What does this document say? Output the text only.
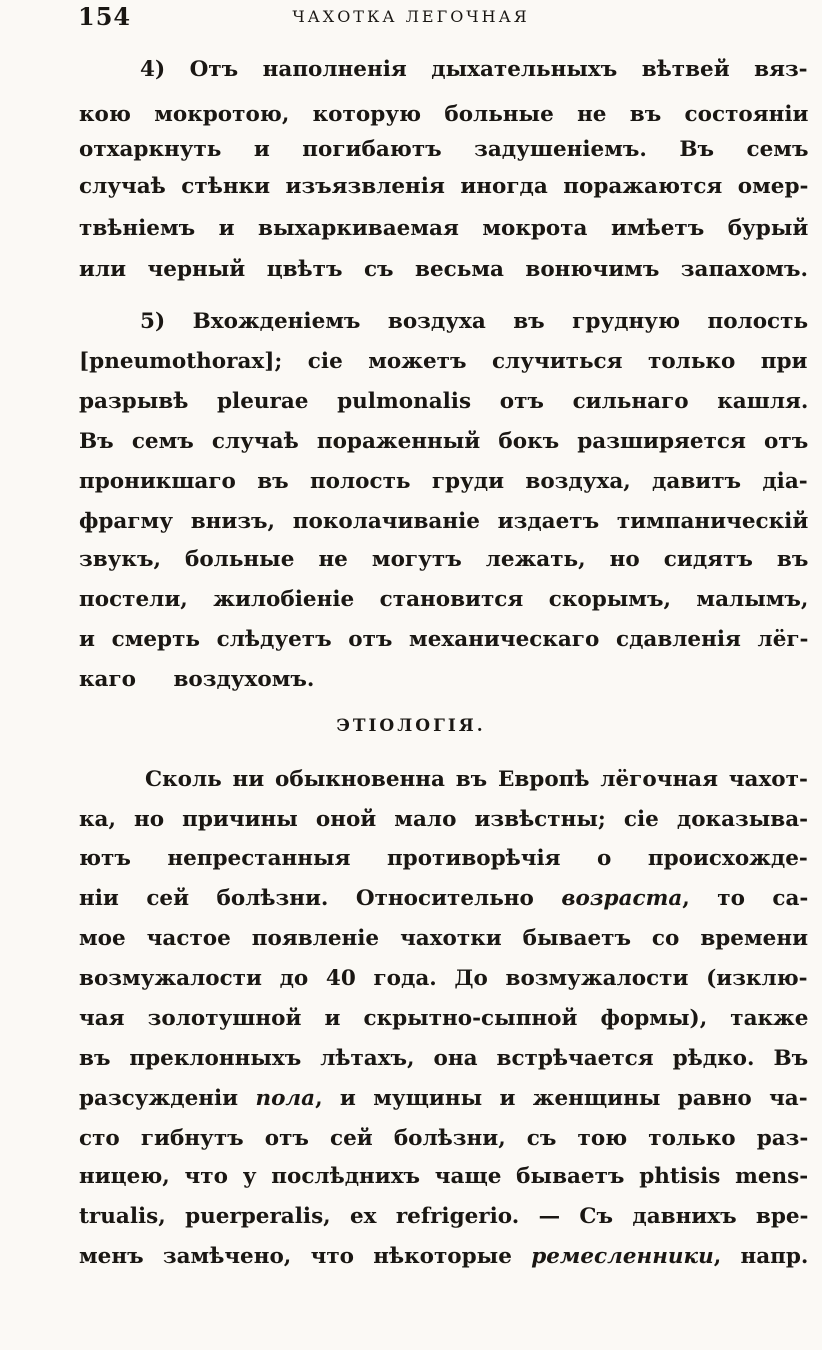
154	ЧАХОТКА ЛЕГОЧНАЯ
4) Отъ наполненія дыхательныхъ вѣтвей вяз-
кою мокротою, которую больные не въ состояніи
отхаркнуть и погибаютъ задушеніемъ. Въ семъ
случаѣ стѣнки изъязвленія иногда поражаются омер-
твѣніемъ и выхаркиваемая мокрота имѣетъ бурый
или черный цвѣтъ съ весьма вонючимъ запахомъ.
5) Вхожденіемъ воздуха въ грудную полость
[pneumothorax]; сіе можетъ случиться только при
разрывѣ pleurae pulmonalis отъ сильнаго кашля.
Въ семъ случаѣ пораженный бокъ разширяется отъ
проникшаго въ полость груди воздуха, давитъ діа-
фрагму внизъ, поколачиваніе издаетъ тимпаническій
звукъ, больные не могутъ лежать, но сидятъ въ
постели, жилобіеніе становится скорымъ, малымъ,
и смерть слѣдуетъ отъ механическаго сдавленія лёг-
каго воздухомъ.
ЭТІОЛОГІЯ.
Сколь ни обыкновенна въ Европѣ лёгочная чахот-
ка, но причины оной мало извѣстны; сіе доказыва-
ютъ непрестанныя противорѣчія о происхожде-
ніи сей болѣзни. Относительно возраста, то са-
мое частое появленіе чахотки бываетъ со времени
возмужалости до 40 года. До возмужалости (изклю-
чая золотушной и скрытно-сыпной формы), также
въ преклонныхъ лѣтахъ, она встрѣчается рѣдко. Въ
разсужденіи пола, и мущины и женщины равно ча-
сто гибнутъ отъ сей болѣзни, съ тою только раз-
ницею, что у послѣднихъ чаще бываетъ phtisis mens-
trualis, puerperalis, ex refrigerio. — Съ давнихъ вре-
менъ замѣчено, что нѣкоторые ремесленники, напр.
